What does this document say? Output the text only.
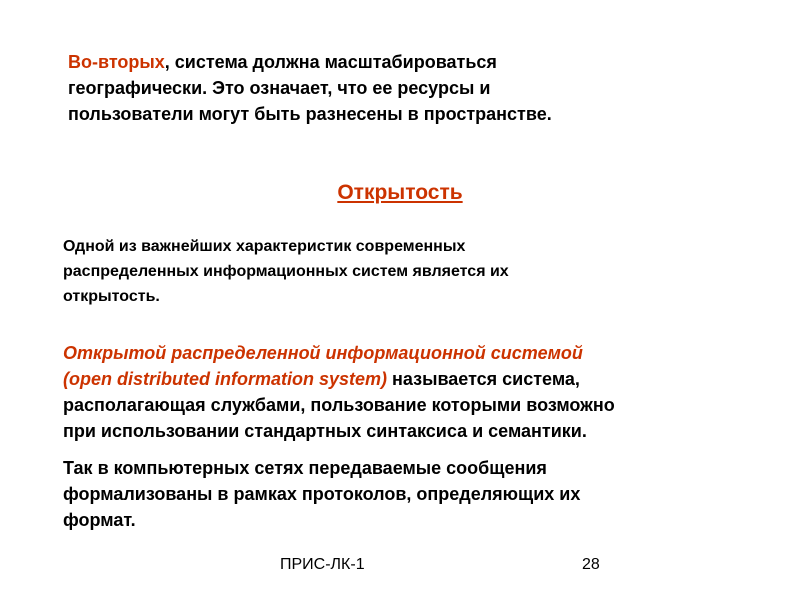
Во-вторых, система должна масштабироваться
географически. Это означает, что ее ресурсы и
пользователи могут быть разнесены в пространстве.

Открытость

Одной из важнейших характеристик современных
распределенных информационных систем является их
открытость.

Открытой распределенной информационной системой
(open distributed information system) называется система,
располагающая службами, пользование которыми возможно
при использовании стандартных синтаксиса и семантики.

Так в компьютерных сетях передаваемые сообщения
формализованы в рамках протоколов, определяющих их
формат.

ПРИС-ЛК-1	28
